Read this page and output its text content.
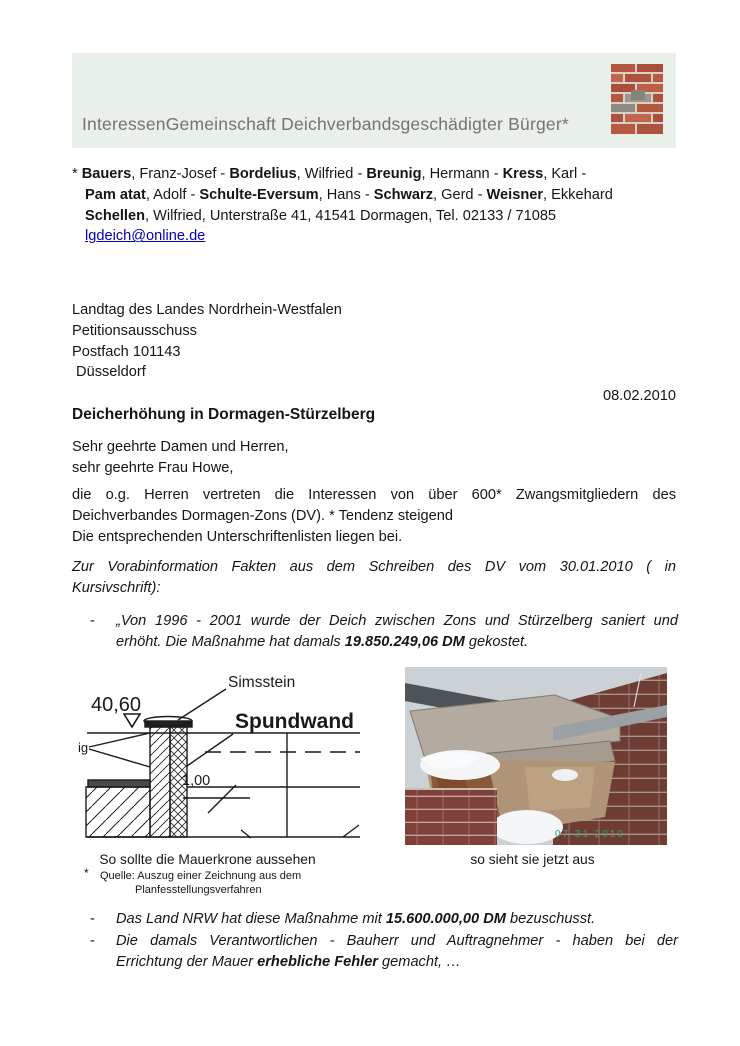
InteressenGemeinschaft Deichverbandsgeschädigter Bürger*
* Bauers, Franz-Josef - Bordelius, Wilfried - Breunig, Hermann - Kress, Karl -
Pam atat, Adolf - Schulte-Eversum, Hans - Schwarz, Gerd - Weisner, Ekkehard
Schellen, Wilfried, Unterstraße 41, 41541 Dormagen, Tel. 02133 / 71085
lgdeich@online.de
Landtag des Landes Nordrhein-Westfalen
Petitionsausschuss
Postfach 101143
Düsseldorf
08.02.2010
Deicherhöhung in Dormagen-Stürzelberg
Sehr geehrte Damen und Herren,
sehr geehrte Frau Howe,
die o.g. Herren vertreten die Interessen von über 600* Zwangsmitgliedern des
Deichverbandes Dormagen-Zons (DV). * Tendenz steigend
Die entsprechenden Unterschriftenlisten liegen bei.
Zur Vorabinformation Fakten aus dem Schreiben des DV vom 30.01.2010 ( in
Kursivschrift):
- „Von 1996 - 2001 wurde der Deich zwischen Zons und Stürzelberg saniert und
erhöht. Die Maßnahme hat damals 19.850.249,06 DM gekostet.
Simsstein
Spundwand
40,60
1,00
ig
07 31 2010
So sollte die Mauerkrone aussehen	so sieht sie jetzt aus
*	Quelle: Auszug einer Zeichnung aus dem
Planfesstellungsverfahren
- Das Land NRW hat diese Maßnahme mit 15.600.000,00 DM bezuschusst.
- Die damals Verantwortlichen - Bauherr und Auftragnehmer - haben bei der
Errichtung der Mauer erhebliche Fehler gemacht, …
